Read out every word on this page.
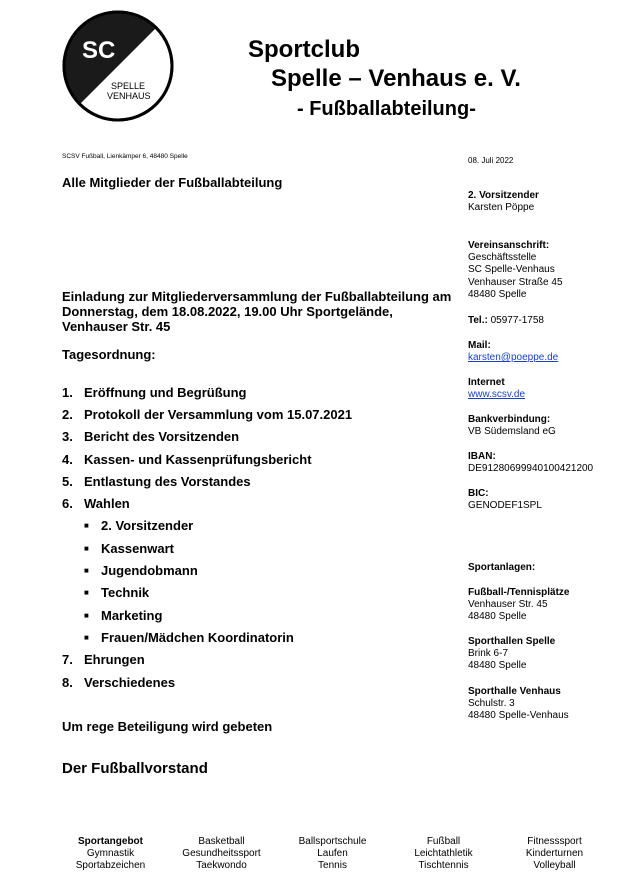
SC
SPELLE
VENHAUS
Sportclub
Spelle – Venhaus e. V.
- Fußballabteilung-
SCSV Fußball, Lienkämper 6, 48480 Spelle
Alle Mitglieder der Fußballabteilung
08. Juli 2022
Einladung zur Mitgliederversammlung der Fußballabteilung am
Donnerstag, dem 18.08.2022, 19.00 Uhr Sportgelände,
Venhauser Str. 45
Tagesordnung:
1. Eröffnung und Begrüßung
2. Protokoll der Versammlung vom 15.07.2021
3. Bericht des Vorsitzenden
4. Kassen- und Kassenprüfungsbericht
5. Entlastung des Vorstandes
6. Wahlen
■ 2. Vorsitzender
■ Kassenwart
■ Jugendobmann
■ Technik
■ Marketing
■ Frauen/Mädchen Koordinatorin
7. Ehrungen
8. Verschiedenes
Um rege Beteiligung wird gebeten
Der Fußballvorstand
2. Vorsitzender
Karsten Pöppe
Vereinsanschrift:
Geschäftsstelle
SC Spelle-Venhaus
Venhauser Straße 45
48480 Spelle
Tel.: 05977-1758
Mail:
karsten@poeppe.de
Internet
www.scsv.de
Bankverbindung:
VB Südemsland eG
IBAN:
DE91280699940100421200
BIC:
GENODEF1SPL
Sportanlagen:
Fußball-/Tennisplätze
Venhauser Str. 45
48480 Spelle
Sporthallen Spelle
Brink 6-7
48480 Spelle
Sporthalle Venhaus
Schulstr. 3
48480 Spelle-Venhaus
Sportangebot
Gymnastik
Sportabzeichen
Basketball
Gesundheitssport
Taekwondo
Ballsportschule
Laufen
Tennis
Fußball
Leichtathletik
Tischtennis
Fitnesssport
Kinderturnen
Volleyball
